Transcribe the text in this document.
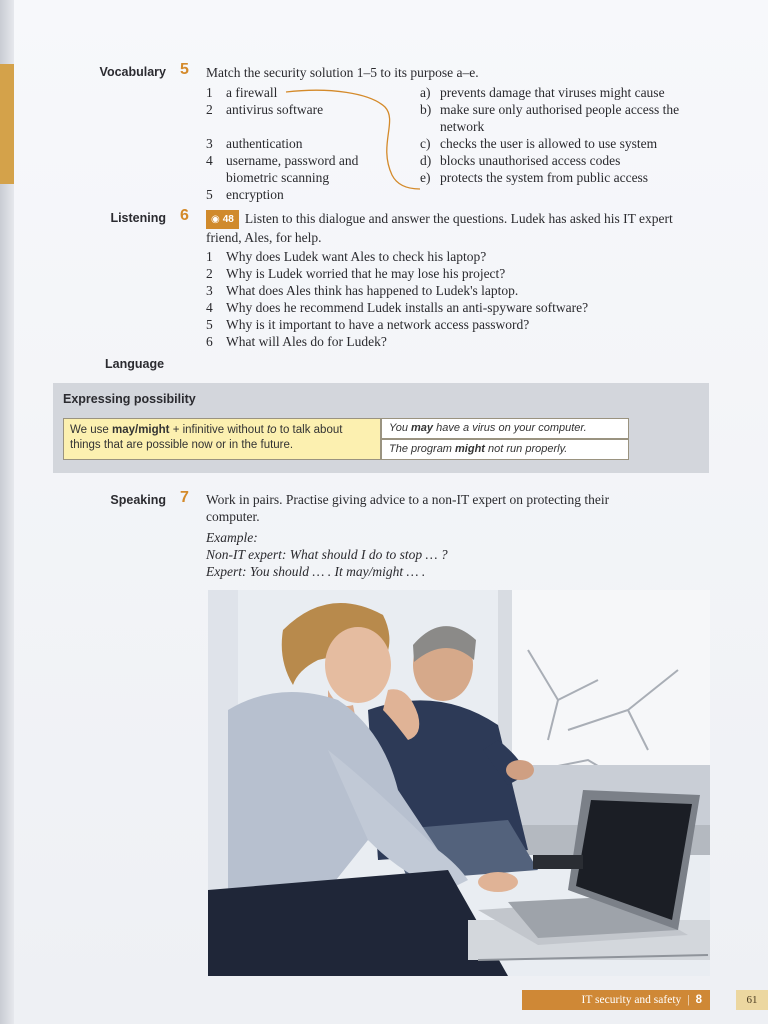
Vocabulary 5 Match the security solution 1–5 to its purpose a–e.
1 a firewall
2 antivirus software
3 authentication
4 username, password and biometric scanning
5 encryption
a) prevents damage that viruses might cause
b) make sure only authorised people access the network
c) checks the user is allowed to use system
d) blocks unauthorised access codes
e) protects the system from public access
Listening 6	◉ 48 Listen to this dialogue and answer the questions. Ludek has asked his IT expert friend, Ales, for help.
1 Why does Ludek want Ales to check his laptop?
2 Why is Ludek worried that he may lose his project?
3 What does Ales think has happened to Ludek's laptop.
4 Why does he recommend Ludek installs an anti-spyware software?
5 Why is it important to have a network access password?
6 What will Ales do for Ludek?
Language
Expressing possibility
We use may/might + infinitive without to to talk about things that are possible now or in the future.
You may have a virus on your computer.
The program might not run properly.
Speaking 7 Work in pairs. Practise giving advice to a non-IT expert on protecting their computer.
Example:
Non-IT expert: What should I do to stop … ?
Expert: You should … . It may/might … .
IT security and safety | 8	61
